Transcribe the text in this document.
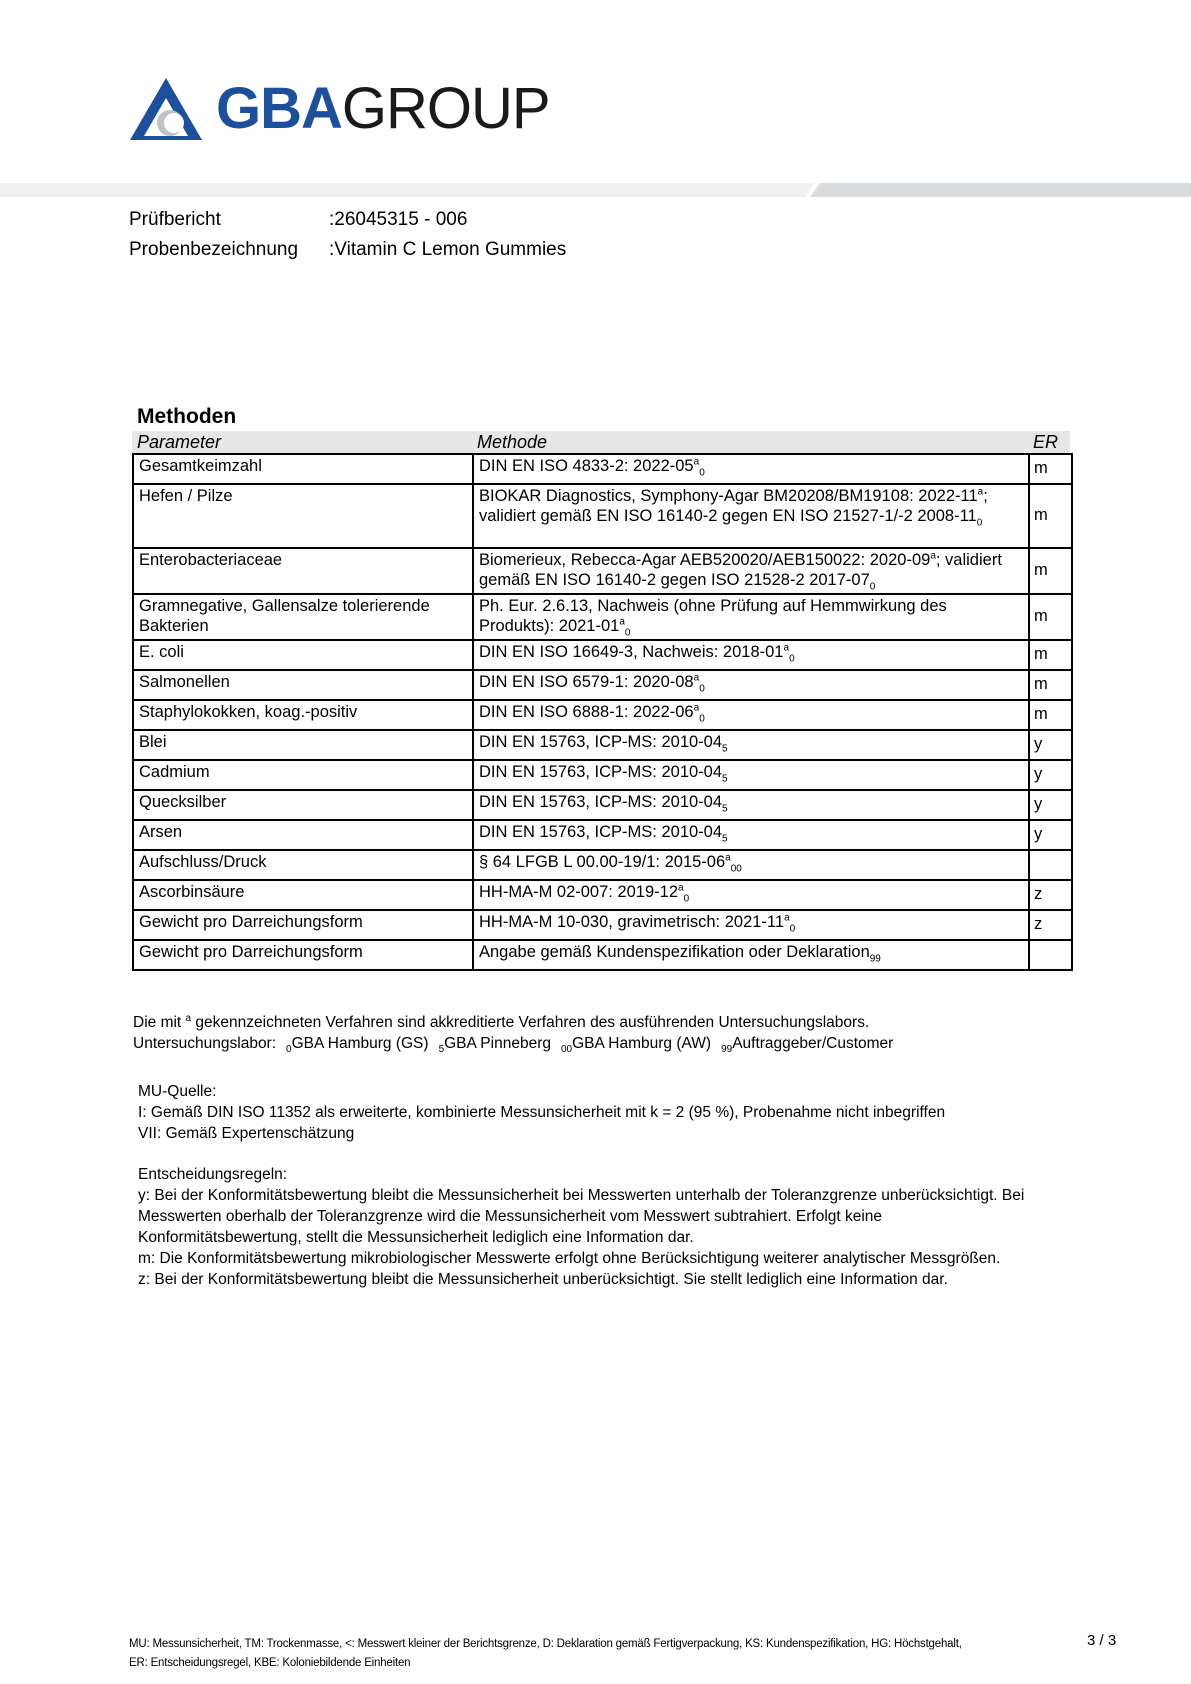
GBAGROUP
Prüfbericht	:26045315 - 006
Probenbezeichnung :Vitamin C Lemon Gummies
Methoden
Parameter	Methode	ER
Gesamtkeimzahl	DIN EN ISO 4833-2: $2022-05^a_0$	m
Hefen / Pilze	BIOKAR Diagnostics, Symphony-Agar BM20208/BM19108: 2022-11$^a$; validiert gemäß EN ISO 16140-2 gegen EN ISO 21527-1/-2 $2008-11_0$	m
Enterobacteriaceae	Biomerieux, Rebecca-Agar AEB520020/AEB150022: 2020-09$^a$; validiert gemäß EN ISO 16140-2 gegen ISO 21528-2 $2017-07_0$	m
Gramnegative, Gallensalze tolerierende Bakterien	Ph. Eur. 2.6.13, Nachweis (ohne Prüfung auf Hemmwirkung des Produkts): $2021-01^a_0$	m
E. coli	DIN EN ISO 16649-3, Nachweis: $2018-01^a_0$	m
Salmonellen	DIN EN ISO 6579-1: $2020-08^a_0$	m
Staphylokokken, koag.-positiv	DIN EN ISO 6888-1: $2022-06^a_0$	m
Blei	DIN EN 15763, ICP-MS: $2010-04_5$	y
Cadmium	DIN EN 15763, ICP-MS: $2010-04_5$	y
Quecksilber	DIN EN 15763, ICP-MS: $2010-04_5$	y
Arsen	DIN EN 15763, ICP-MS: $2010-04_5$	y
Aufschluss/Druck	§ 64 LFGB L 00.00-19/1: $2015-06^a_{00}$	
Ascorbinsäure	HH-MA-M 02-007: $2019-12^a_0$	z
Gewicht pro Darreichungsform	HH-MA-M 10-030, gravimetrisch: $2021-11^a_0$	z
Gewicht pro Darreichungsform	Angabe gemäß Kundenspezifikation oder Deklaration$_{99}$	
Die mit $^a$ gekennzeichneten Verfahren sind akkreditierte Verfahren des ausführenden Untersuchungslabors.
Untersuchungslabor: $_0$GBA Hamburg (GS) $_5$GBA Pinneberg $_{00}$GBA Hamburg (AW) $_{99}$Auftraggeber/Customer
MU-Quelle:
I: Gemäß DIN ISO 11352 als erweiterte, kombinierte Messunsicherheit mit k = 2 (95 %), Probenahme nicht inbegriffen
VII: Gemäß Expertenschätzung
Entscheidungsregeln:
y: Bei der Konformitätsbewertung bleibt die Messunsicherheit bei Messwerten unterhalb der Toleranzgrenze unberücksichtigt. Bei
Messwerten oberhalb der Toleranzgrenze wird die Messunsicherheit vom Messwert subtrahiert. Erfolgt keine
Konformitätsbewertung, stellt die Messunsicherheit lediglich eine Information dar.
m: Die Konformitätsbewertung mikrobiologischer Messwerte erfolgt ohne Berücksichtigung weiterer analytischer Messgrößen.
z: Bei der Konformitätsbewertung bleibt die Messunsicherheit unberücksichtigt. Sie stellt lediglich eine Information dar.
MU: Messunsicherheit, TM: Trockenmasse, <: Messwert kleiner der Berichtsgrenze, D: Deklaration gemäß Fertigverpackung, KS: Kundenspezifikation, HG: Höchstgehalt,
ER: Entscheidungsregel, KBE: Koloniebildende Einheiten
3 / 3
